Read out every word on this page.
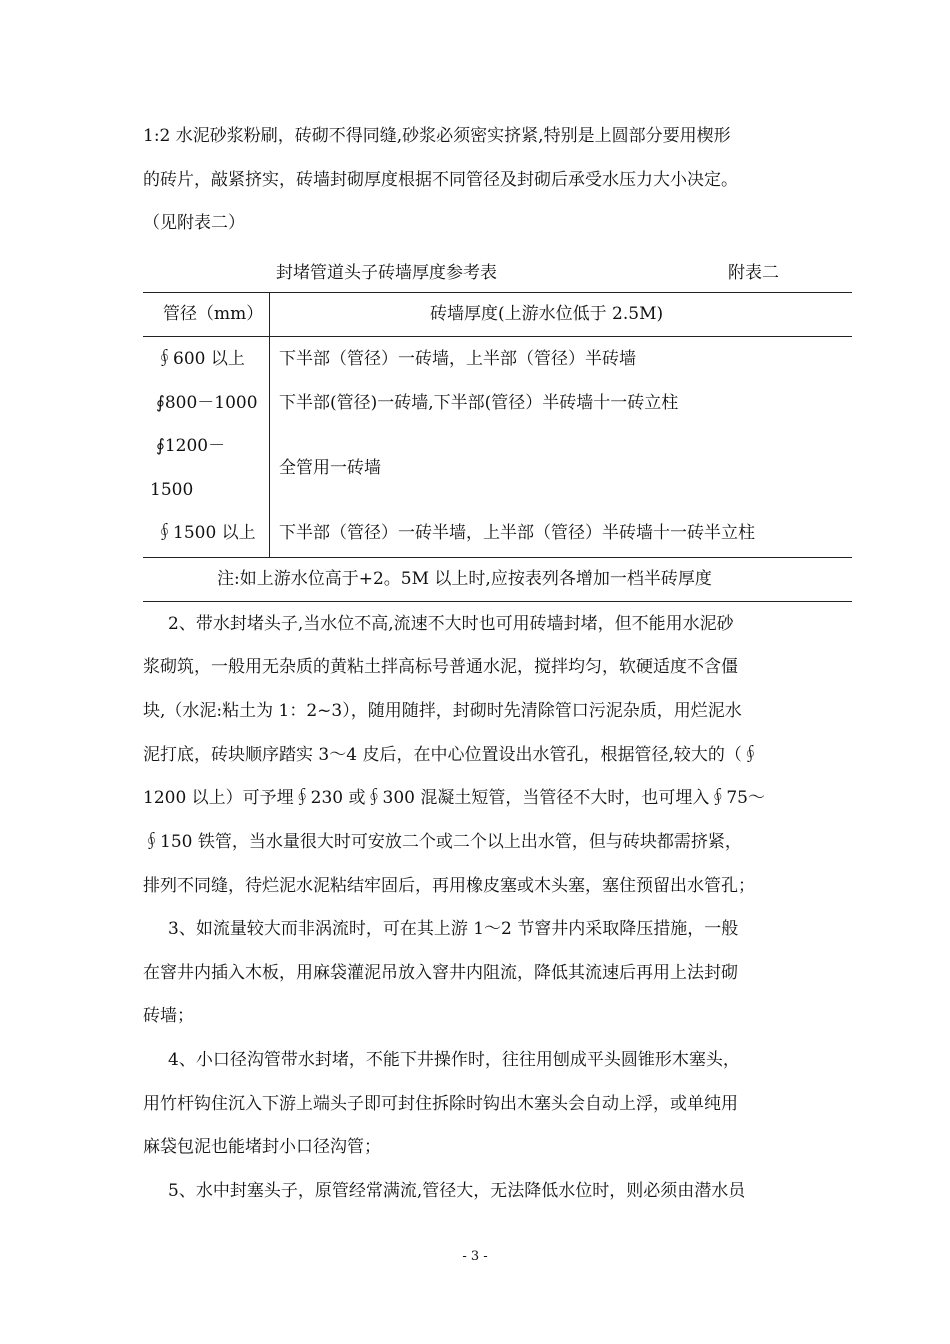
1:2 水泥砂浆粉刷，砖砌不得同缝,砂浆必须密实挤紧,特别是上圆部分要用楔形
的砖片，敲紧挤实，砖墙封砌厚度根据不同管径及封砌后承受水压力大小决定。
（见附表二）
封堵管道头子砖墙厚度参考表	附表二
管径（mm）	砖墙厚度(上游水位低于 2.5M)
∮600 以上 下半部（管径）一砖墙，上半部（管径）半砖墙
∮800－1000 下半部(管径)一砖墙,下半部(管径）半砖墙十一砖立柱
∮1200－
1500
全管用一砖墙
∮1500 以上 下半部（管径）一砖半墙，上半部（管径）半砖墙十一砖半立柱
注:如上游水位高于+2。5M 以上时,应按表列各增加一档半砖厚度
2、带水封堵头子,当水位不高,流速不大时也可用砖墙封堵，但不能用水泥砂
浆砌筑，一般用无杂质的黄粘土拌高标号普通水泥，搅拌均匀，软硬适度不含僵
块,（水泥:粘土为 1：2~3），随用随拌，封砌时先清除管口污泥杂质，用烂泥水
泥打底，砖块顺序踏实 3～4 皮后，在中心位置设出水管孔，根据管径,较大的（∮
1200 以上）可予埋∮230 或∮300 混凝土短管，当管径不大时，也可埋入∮75～
∮150 铁管，当水量很大时可安放二个或二个以上出水管，但与砖块都需挤紧，
排列不同缝，待烂泥水泥粘结牢固后，再用橡皮塞或木头塞，塞住预留出水管孔；
3、如流量较大而非涡流时，可在其上游 1～2 节窨井内采取降压措施，一般
在窨井内插入木板，用麻袋灌泥吊放入窨井内阻流，降低其流速后再用上法封砌
砖墙；
4、小口径沟管带水封堵，不能下井操作时，往往用刨成平头圆锥形木塞头，
用竹杆钩住沉入下游上端头子即可封住拆除时钩出木塞头会自动上浮，或单纯用
麻袋包泥也能堵封小口径沟管；
5、水中封塞头子，原管经常满流,管径大，无法降低水位时，则必须由潜水员
- 3 -
